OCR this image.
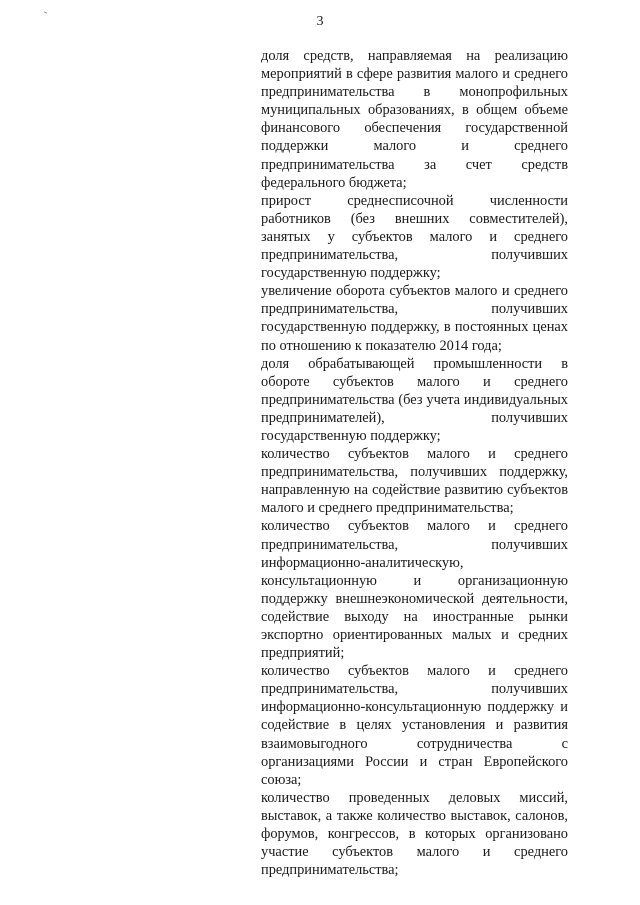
3

доля средств, направляемая на реализацию мероприятий в сфере развития малого и среднего предпринимательства в монопрофильных муниципальных образованиях, в общем объеме финансового обеспечения государственной поддержки малого и среднего предпринимательства за счет средств федерального бюджета;

прирост среднесписочной численности работников (без внешних совместителей), занятых у субъектов малого и среднего предпринимательства, получивших государственную поддержку;

увеличение оборота субъектов малого и среднего предпринимательства, получивших государственную поддержку, в постоянных ценах по отношению к показателю 2014 года;

доля обрабатывающей промышленности в обороте субъектов малого и среднего предпринимательства (без учета индивидуальных предпринимателей), получивших государственную поддержку;

количество субъектов малого и среднего предпринимательства, получивших поддержку, направленную на содействие развитию субъектов малого и среднего предпринимательства;

количество субъектов малого и среднего предпринимательства, получивших информационно-аналитическую, консультационную и организационную поддержку внешнеэкономической деятельности, содействие выходу на иностранные рынки экспортно ориентированных малых и средних предприятий;

количество субъектов малого и среднего предпринимательства, получивших информационно-консультационную поддержку и содействие в целях установления и развития взаимовыгодного сотрудничества с организациями России и стран Европейского союза;

количество проведенных деловых миссий, выставок, а также количество выставок, салонов, форумов, конгрессов, в которых организовано участие субъектов малого и среднего предпринимательства;
